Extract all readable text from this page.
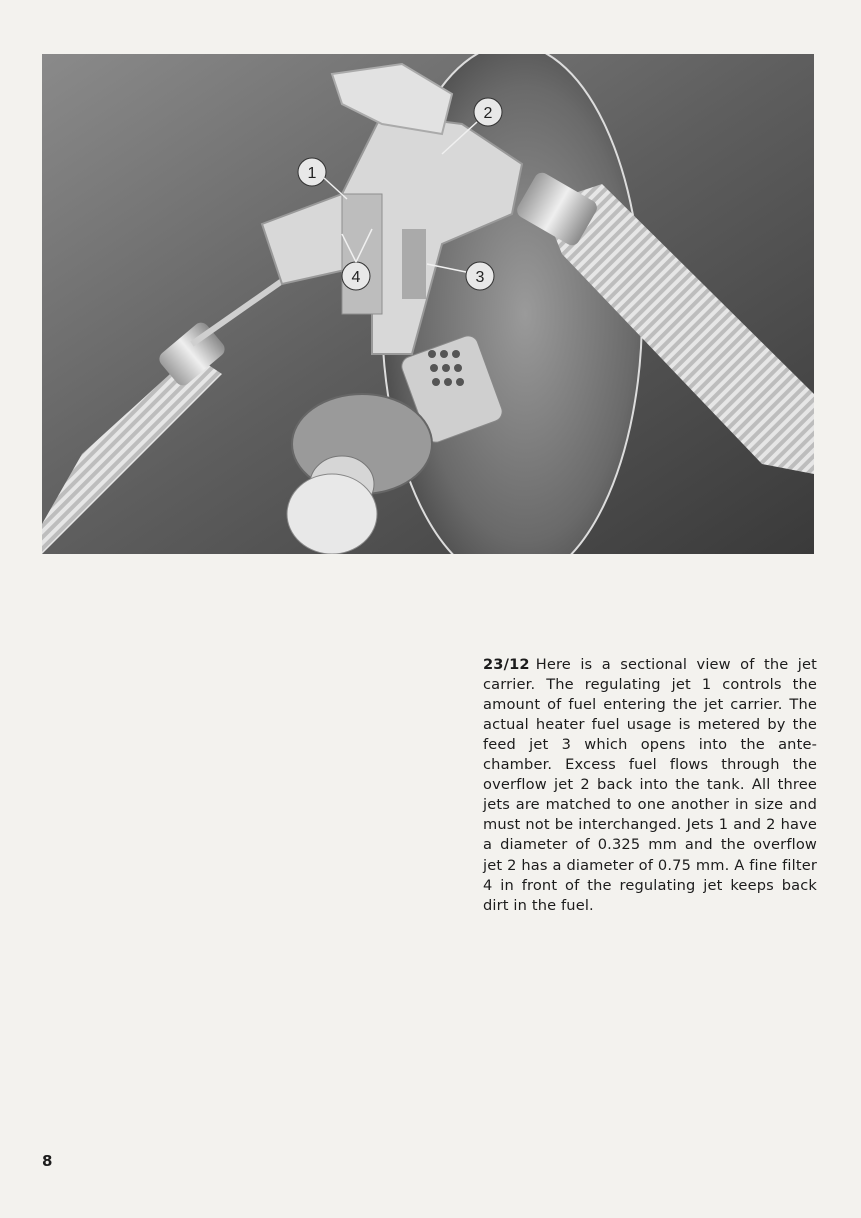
1
2
3
4

23/12 Here is a sectional view of the jet carrier. The regulating jet 1 controls the amount of fuel entering the jet carrier. The actual heater fuel usage is metered by the feed jet 3 which opens into the ante-chamber. Excess fuel flows through the overflow jet 2 back into the tank. All three jets are matched to one another in size and must not be interchanged. Jets 1 and 2 have a diameter of 0.325 mm and the overflow jet 2 has a diameter of 0.75 mm. A fine filter 4 in front of the regulating jet keeps back dirt in the fuel.

8
